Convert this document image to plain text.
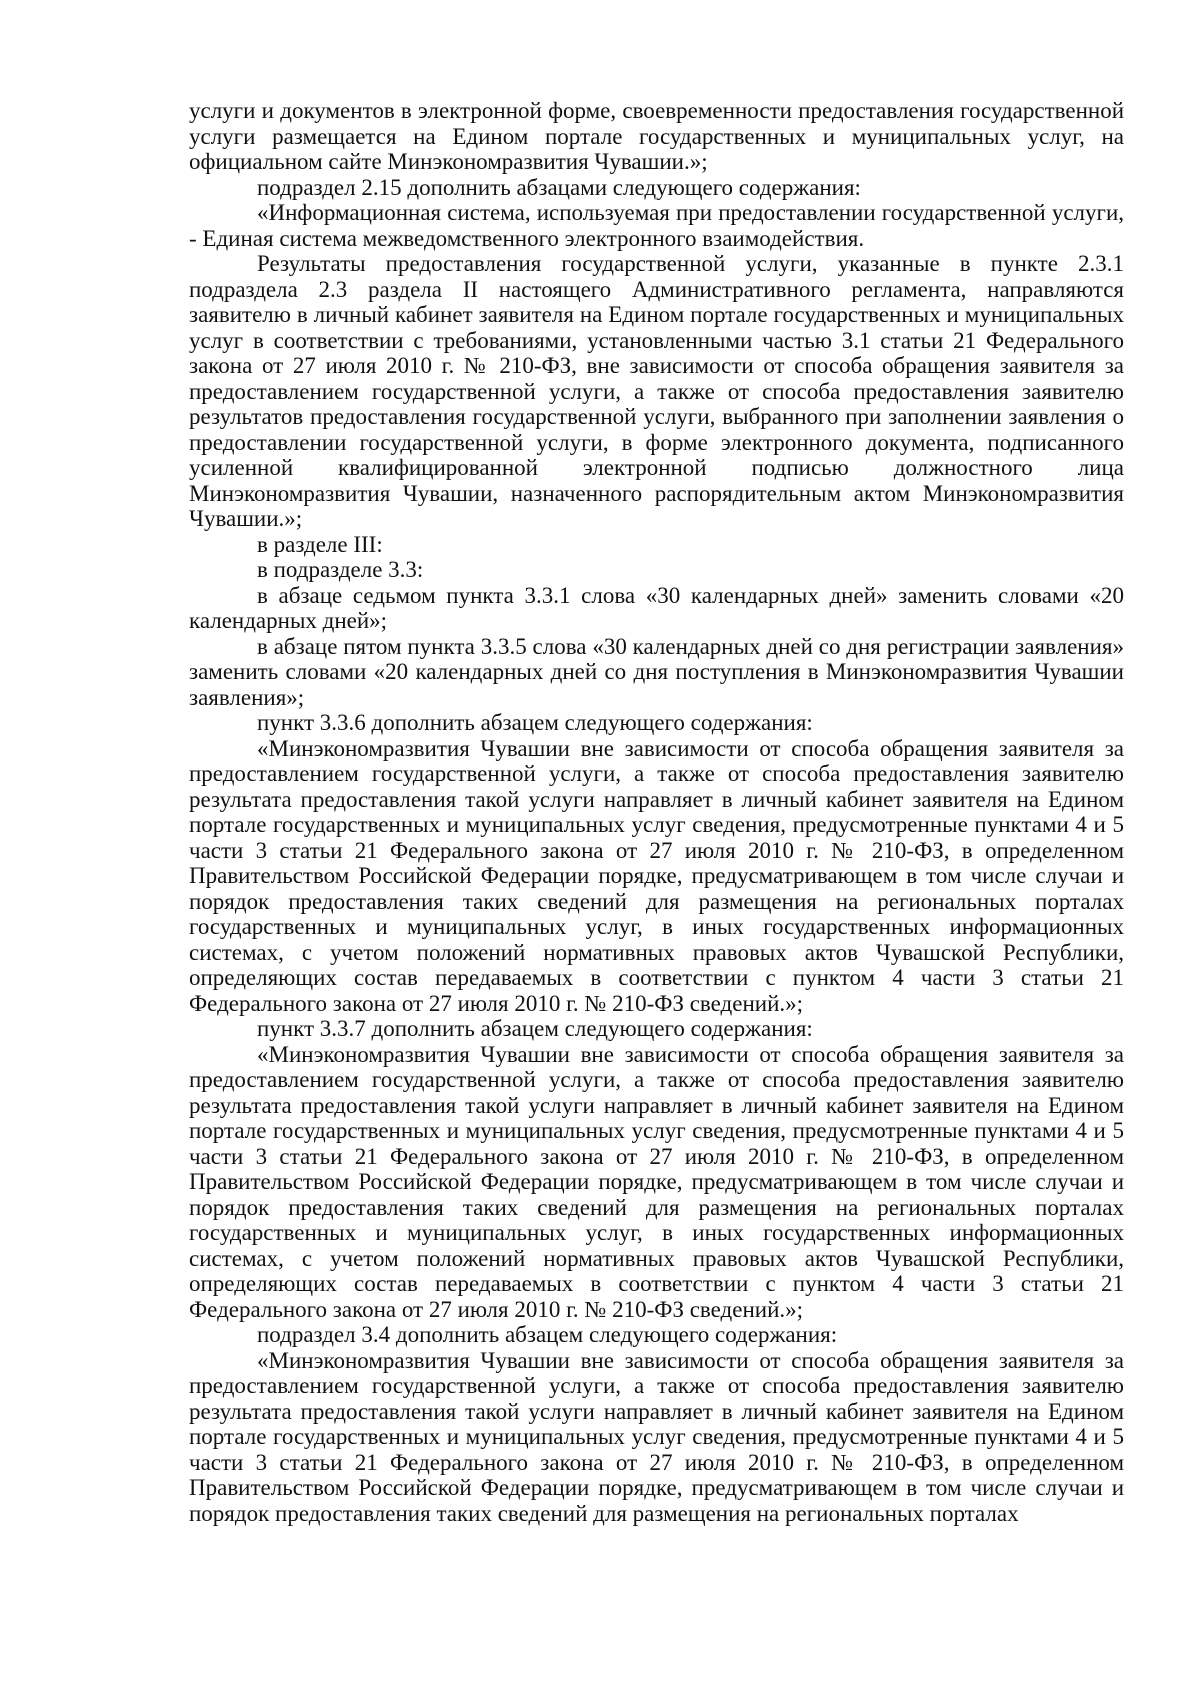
услуги и документов в электронной форме, своевременности предоставления государственной услуги размещается на Едином портале государственных и муниципальных услуг, на официальном сайте Минэкономразвития Чувашии.»;

подраздел 2.15 дополнить абзацами следующего содержания:

«Информационная система, используемая при предоставлении государственной услуги, - Единая система межведомственного электронного взаимодействия.

Результаты предоставления государственной услуги, указанные в пункте 2.3.1 подраздела 2.3 раздела II настоящего Административного регламента, направляются заявителю в личный кабинет заявителя на Едином портале государственных и муниципальных услуг в соответствии с требованиями, установленными частью 3.1 статьи 21 Федерального закона от 27 июля 2010 г. № 210-ФЗ, вне зависимости от способа обращения заявителя за предоставлением государственной услуги, а также от способа предоставления заявителю результатов предоставления государственной услуги, выбранного при заполнении заявления о предоставлении государственной услуги, в форме электронного документа, подписанного усиленной квалифицированной электронной подписью должностного лица Минэкономразвития Чувашии, назначенного распорядительным актом Минэкономразвития Чувашии.»;

в разделе III:

в подразделе 3.3:

в абзаце седьмом пункта 3.3.1 слова «30 календарных дней» заменить словами «20 календарных дней»;

в абзаце пятом пункта 3.3.5 слова «30 календарных дней со дня регистрации заявления» заменить словами «20 календарных дней со дня поступления в Минэкономразвития Чувашии заявления»;

пункт 3.3.6 дополнить абзацем следующего содержания:

«Минэкономразвития Чувашии вне зависимости от способа обращения заявителя за предоставлением государственной услуги, а также от способа предоставления заявителю результата предоставления такой услуги направляет в личный кабинет заявителя на Едином портале государственных и муниципальных услуг сведения, предусмотренные пунктами 4 и 5 части 3 статьи 21 Федерального закона от 27 июля 2010 г. № 210-ФЗ, в определенном Правительством Российской Федерации порядке, предусматривающем в том числе случаи и порядок предоставления таких сведений для размещения на региональных порталах государственных и муниципальных услуг, в иных государственных информационных системах, с учетом положений нормативных правовых актов Чувашской Республики, определяющих состав передаваемых в соответствии с пунктом 4 части 3 статьи 21 Федерального закона от 27 июля 2010 г. № 210-ФЗ сведений.»;

пункт 3.3.7 дополнить абзацем следующего содержания:

«Минэкономразвития Чувашии вне зависимости от способа обращения заявителя за предоставлением государственной услуги, а также от способа предоставления заявителю результата предоставления такой услуги направляет в личный кабинет заявителя на Едином портале государственных и муниципальных услуг сведения, предусмотренные пунктами 4 и 5 части 3 статьи 21 Федерального закона от 27 июля 2010 г. № 210-ФЗ, в определенном Правительством Российской Федерации порядке, предусматривающем в том числе случаи и порядок предоставления таких сведений для размещения на региональных порталах государственных и муниципальных услуг, в иных государственных информационных системах, с учетом положений нормативных правовых актов Чувашской Республики, определяющих состав передаваемых в соответствии с пунктом 4 части 3 статьи 21 Федерального закона от 27 июля 2010 г. № 210-ФЗ сведений.»;

подраздел 3.4 дополнить абзацем следующего содержания:

«Минэкономразвития Чувашии вне зависимости от способа обращения заявителя за предоставлением государственной услуги, а также от способа предоставления заявителю результата предоставления такой услуги направляет в личный кабинет заявителя на Едином портале государственных и муниципальных услуг сведения, предусмотренные пунктами 4 и 5 части 3 статьи 21 Федерального закона от 27 июля 2010 г. № 210-ФЗ, в определенном Правительством Российской Федерации порядке, предусматривающем в том числе случаи и порядок предоставления таких сведений для размещения на региональных порталах
